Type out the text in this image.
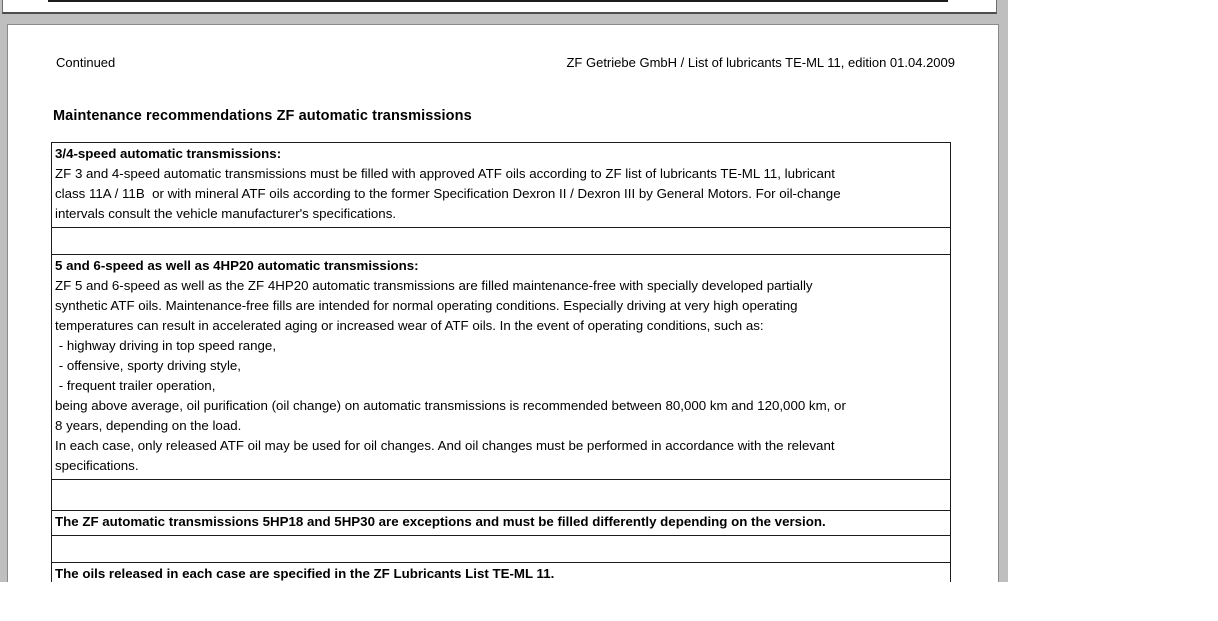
Continued	ZF Getriebe GmbH / List of lubricants TE-ML 11, edition 01.04.2009
Maintenance recommendations ZF automatic transmissions
3/4-speed automatic transmissions:
ZF 3 and 4-speed automatic transmissions must be filled with approved ATF oils according to ZF list of lubricants TE-ML 11, lubricant
class 11A / 11B  or with mineral ATF oils according to the former Specification Dexron II / Dexron III by General Motors. For oil-change
intervals consult the vehicle manufacturer's specifications.

5 and 6-speed as well as 4HP20 automatic transmissions:
ZF 5 and 6-speed as well as the ZF 4HP20 automatic transmissions are filled maintenance-free with specially developed partially
synthetic ATF oils. Maintenance-free fills are intended for normal operating conditions. Especially driving at very high operating
temperatures can result in accelerated aging or increased wear of ATF oils. In the event of operating conditions, such as:
- highway driving in top speed range,
- offensive, sporty driving style,
- frequent trailer operation,
being above average, oil purification (oil change) on automatic transmissions is recommended between 80,000 km and 120,000 km, or
8 years, depending on the load.
In each case, only released ATF oil may be used for oil changes. And oil changes must be performed in accordance with the relevant
specifications.

The ZF automatic transmissions 5HP18 and 5HP30 are exceptions and must be filled differently depending on the version.

The oils released in each case are specified in the ZF Lubricants List TE-ML 11.
